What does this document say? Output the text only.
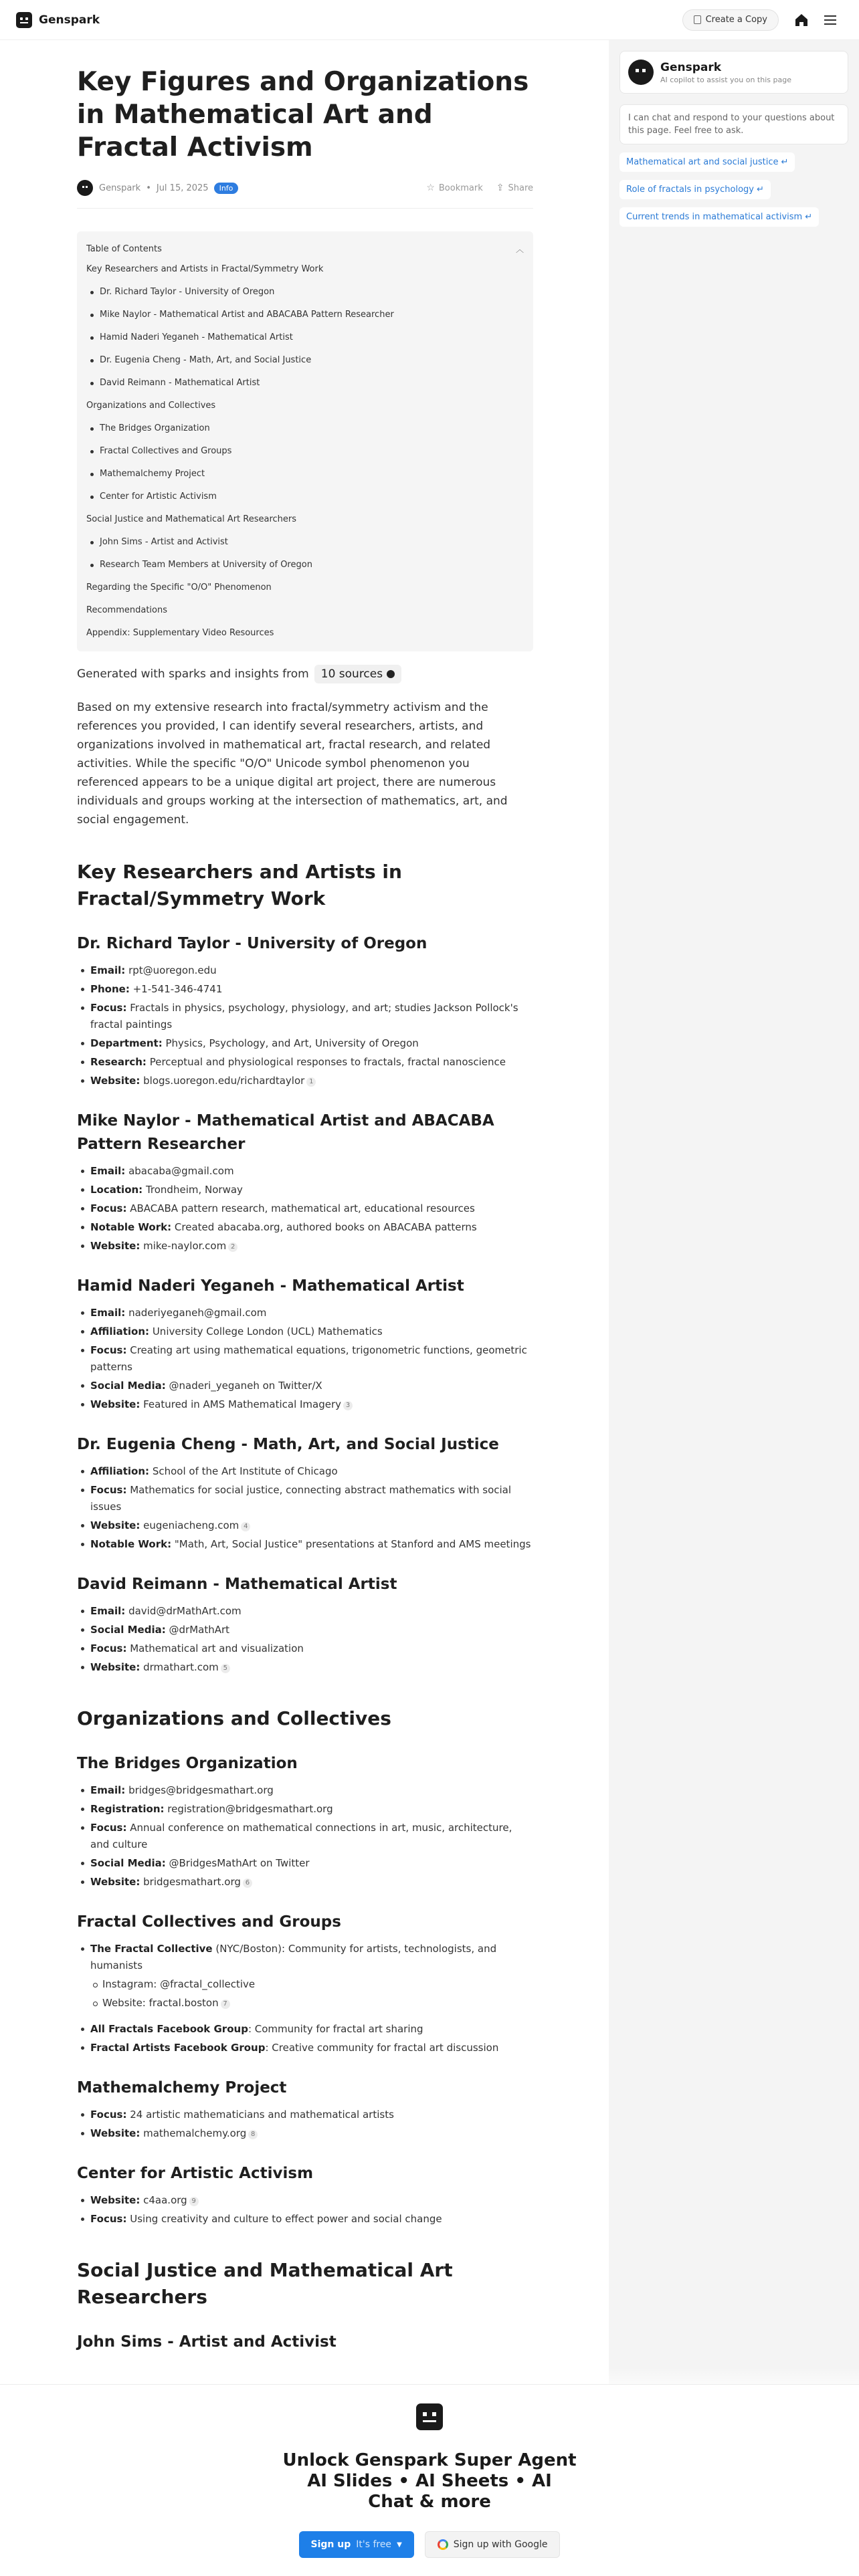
Genspark	Create a Copy
Key Figures and Organizations in Mathematical Art and Fractal Activism
Genspark • Jul 15, 2025	Info	☆ Bookmark ⇪ Share
Table of Contents	︿
Key Researchers and Artists in Fractal/Symmetry Work
Dr. Richard Taylor - University of Oregon
Mike Naylor - Mathematical Artist and ABACABA Pattern Researcher
Hamid Naderi Yeganeh - Mathematical Artist
Dr. Eugenia Cheng - Math, Art, and Social Justice
David Reimann - Mathematical Artist
Organizations and Collectives
The Bridges Organization
Fractal Collectives and Groups
Mathemalchemy Project
Center for Artistic Activism
Social Justice and Mathematical Art Researchers
John Sims - Artist and Activist
Research Team Members at University of Oregon
Regarding the Specific "O/O" Phenomenon
Recommendations
Appendix: Supplementary Video Resources
Generated with sparks and insights from 10 sources

Based on my extensive research into fractal/symmetry activism and the references you provided, I can identify several researchers, artists, and organizations involved in mathematical art, fractal research, and related activities. While the specific "O/O" Unicode symbol phenomenon you referenced appears to be a unique digital art project, there are numerous individuals and groups working at the intersection of mathematics, art, and social engagement.

Key Researchers and Artists in Fractal/Symmetry Work
Dr. Richard Taylor - University of Oregon
Email: rpt@uoregon.edu
Phone: +1-541-346-4741
Focus: Fractals in physics, psychology, physiology, and art; studies Jackson Pollock's fractal paintings
Department: Physics, Psychology, and Art, University of Oregon
Research: Perceptual and physiological responses to fractals, fractal nanoscience
Website: blogs.uoregon.edu/richardtaylor 1
Mike Naylor - Mathematical Artist and ABACABA Pattern Researcher
Email: abacaba@gmail.com
Location: Trondheim, Norway
Focus: ABACABA pattern research, mathematical art, educational resources
Notable Work: Created abacaba.org, authored books on ABACABA patterns
Website: mike-naylor.com 2
Hamid Naderi Yeganeh - Mathematical Artist
Email: naderiyeganeh@gmail.com
Affiliation: University College London (UCL) Mathematics
Focus: Creating art using mathematical equations, trigonometric functions, geometric patterns
Social Media: @naderi_yeganeh on Twitter/X
Website: Featured in AMS Mathematical Imagery 3
Dr. Eugenia Cheng - Math, Art, and Social Justice
Affiliation: School of the Art Institute of Chicago
Focus: Mathematics for social justice, connecting abstract mathematics with social issues
Website: eugeniacheng.com 4
Notable Work: "Math, Art, Social Justice" presentations at Stanford and AMS meetings
David Reimann - Mathematical Artist
Email: david@drMathArt.com
Social Media: @drMathArt
Focus: Mathematical art and visualization
Website: drmathart.com 5
Organizations and Collectives
The Bridges Organization
Email: bridges@bridgesmathart.org
Registration: registration@bridgesmathart.org
Focus: Annual conference on mathematical connections in art, music, architecture, and culture
Social Media: @BridgesMathArt on Twitter
Website: bridgesmathart.org 6
Fractal Collectives and Groups
The Fractal Collective (NYC/Boston): Community for artists, technologists, and humanists
Instagram: @fractal_collective
Website: fractal.boston 7
All Fractals Facebook Group: Community for fractal art sharing
Fractal Artists Facebook Group: Creative community for fractal art discussion
Mathemalchemy Project
Focus: 24 artistic mathematicians and mathematical artists
Website: mathemalchemy.org 8
Center for Artistic Activism
Website: c4aa.org 9
Focus: Using creativity and culture to effect power and social change
Social Justice and Mathematical Art Researchers
John Sims - Artist and Activist
Genspark
AI copilot to assist you on this page
I can chat and respond to your questions about this page. Feel free to ask.
Mathematical art and social justice ↵
Role of fractals in psychology ↵
Current trends in mathematical activism ↵
Unlock Genspark Super Agent AI Slides • AI Sheets • AI Chat & more
Sign up It's free ▼	Sign up with Google
